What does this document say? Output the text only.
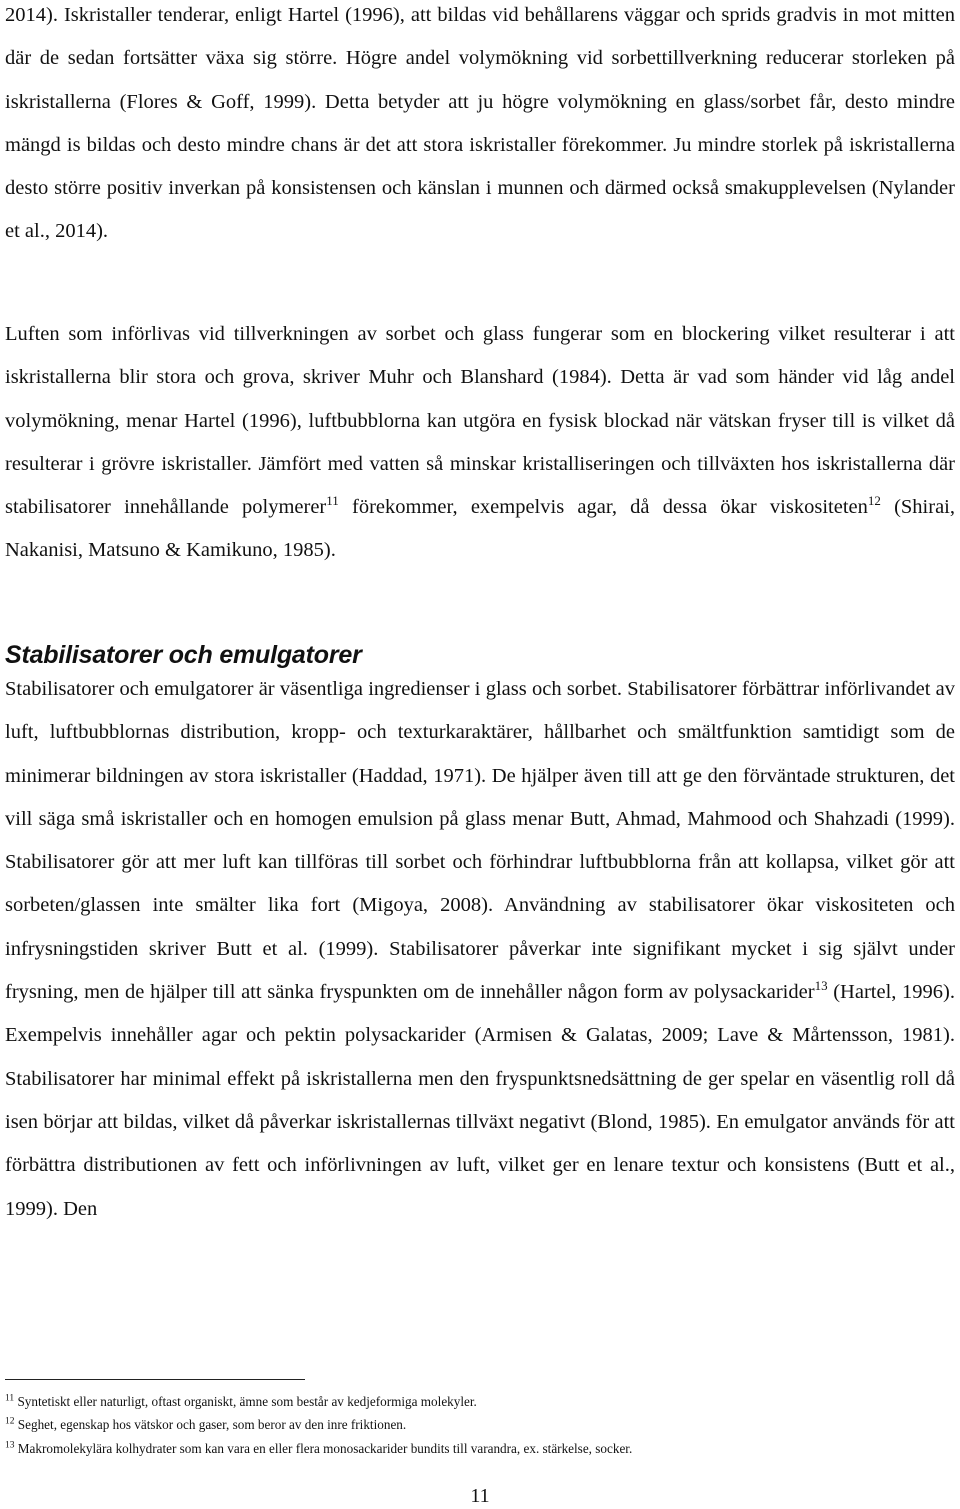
2014). Iskristaller tenderar, enligt Hartel (1996), att bildas vid behållarens väggar och sprids gradvis in mot mitten där de sedan fortsätter växa sig större. Högre andel volymökning vid sorbettillverkning reducerar storleken på iskristallerna (Flores & Goff, 1999). Detta betyder att ju högre volymökning en glass/sorbet får, desto mindre mängd is bildas och desto mindre chans är det att stora iskristaller förekommer. Ju mindre storlek på iskristallerna desto större positiv inverkan på konsistensen och känslan i munnen och därmed också smakupplevelsen (Nylander et al., 2014).

Luften som införlivas vid tillverkningen av sorbet och glass fungerar som en blockering vilket resulterar i att iskristallerna blir stora och grova, skriver Muhr och Blanshard (1984). Detta är vad som händer vid låg andel volymökning, menar Hartel (1996), luftbubblorna kan utgöra en fysisk blockad när vätskan fryser till is vilket då resulterar i grövre iskristaller. Jämfört med vatten så minskar kristalliseringen och tillväxten hos iskristallerna där stabilisatorer innehållande polymerer$^{11}$ förekommer, exempelvis agar, då dessa ökar viskositeten$^{12}$ (Shirai, Nakanisi, Matsuno & Kamikuno, 1985).

Stabilisatorer och emulgatorer

Stabilisatorer och emulgatorer är väsentliga ingredienser i glass och sorbet. Stabilisatorer förbättrar införlivandet av luft, luftbubblornas distribution, kropp- och texturkaraktärer, hållbarhet och smältfunktion samtidigt som de minimerar bildningen av stora iskristaller (Haddad, 1971). De hjälper även till att ge den förväntade strukturen, det vill säga små iskristaller och en homogen emulsion på glass menar Butt, Ahmad, Mahmood och Shahzadi (1999). Stabilisatorer gör att mer luft kan tillföras till sorbet och förhindrar luftbubblorna från att kollapsa, vilket gör att sorbeten/glassen inte smälter lika fort (Migoya, 2008). Användning av stabilisatorer ökar viskositeten och infrysningstiden skriver Butt et al. (1999). Stabilisatorer påverkar inte signifikant mycket i sig självt under frysning, men de hjälper till att sänka fryspunkten om de innehåller någon form av polysackarider$^{13}$ (Hartel, 1996). Exempelvis innehåller agar och pektin polysackarider (Armisen & Galatas, 2009; Lave & Mårtensson, 1981). Stabilisatorer har minimal effekt på iskristallerna men den fryspunktsnedsättning de ger spelar en väsentlig roll då isen börjar att bildas, vilket då påverkar iskristallernas tillväxt negativt (Blond, 1985). En emulgator används för att förbättra distributionen av fett och införlivningen av luft, vilket ger en lenare textur och konsistens (Butt et al., 1999). Den

$^{11}$ Syntetiskt eller naturligt, oftast organiskt, ämne som består av kedjeformiga molekyler.

$^{12}$ Seghet, egenskap hos vätskor och gaser, som beror av den inre friktionen.

$^{13}$ Makromolekylära kolhydrater som kan vara en eller flera monosackarider bundits till varandra, ex. stärkelse, socker.

11
